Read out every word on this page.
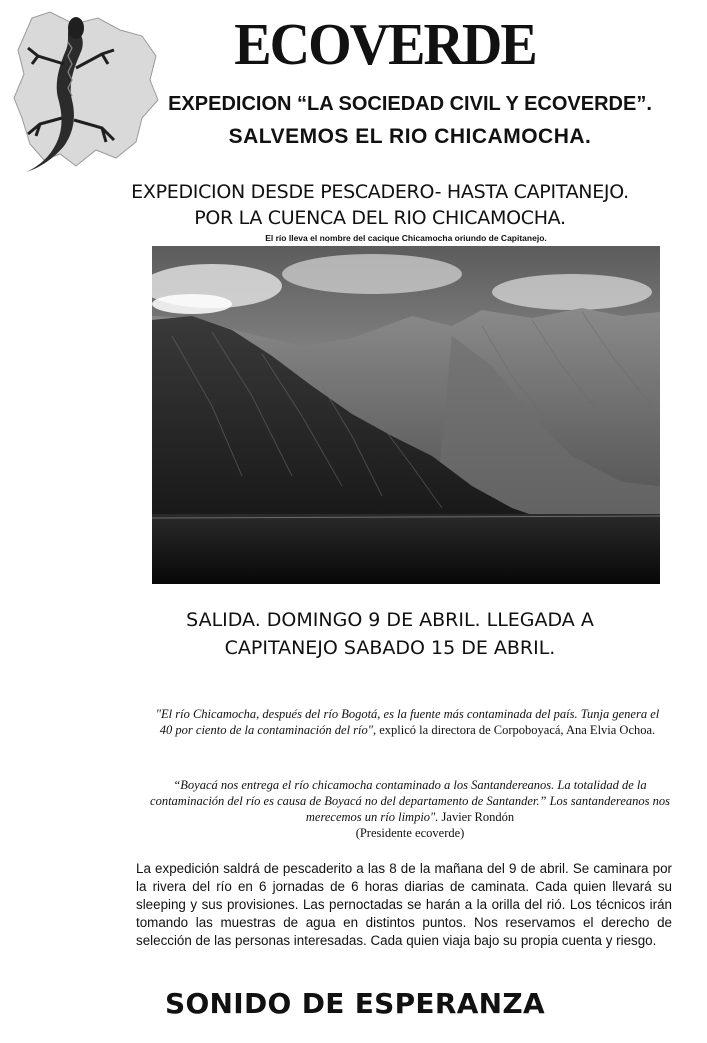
ECOVERDE
EXPEDICION “LA SOCIEDAD CIVIL Y ECOVERDE”.
SALVEMOS EL RIO CHICAMOCHA.
EXPEDICION DESDE PESCADERO- HASTA CAPITANEJO.
POR LA CUENCA DEL RIO CHICAMOCHA.
El río lleva el nombre del cacique Chicamocha oriundo de Capitanejo.
SALIDA. DOMINGO 9 DE ABRIL. LLEGADA A
CAPITANEJO SABADO 15 DE ABRIL.
"El río Chicamocha, después del río Bogotá, es la fuente más contaminada del país. Tunja genera el 40 por ciento de la contaminación del río", explicó la directora de Corpoboyacá, Ana Elvia Ochoa.
“Boyacá nos entrega el río chicamocha contaminado a los Santandereanos. La totalidad de la contaminación del río es causa de Boyacá no del departamento de Santander.” Los santandereanos nos merecemos un río limpio". Javier Rondón
(Presidente ecoverde)
La expedición saldrá de pescaderito a las 8 de la mañana del 9 de abril. Se caminara por la rivera del río en 6 jornadas de 6 horas diarias de caminata. Cada quien llevará su sleeping y sus provisiones. Las pernoctadas se harán a la orilla del rió. Los técnicos irán tomando las muestras de agua en distintos puntos. Nos reservamos el derecho de selección de las personas interesadas. Cada quien viaja bajo su propia cuenta y riesgo.
SONIDO DE ESPERANZA
